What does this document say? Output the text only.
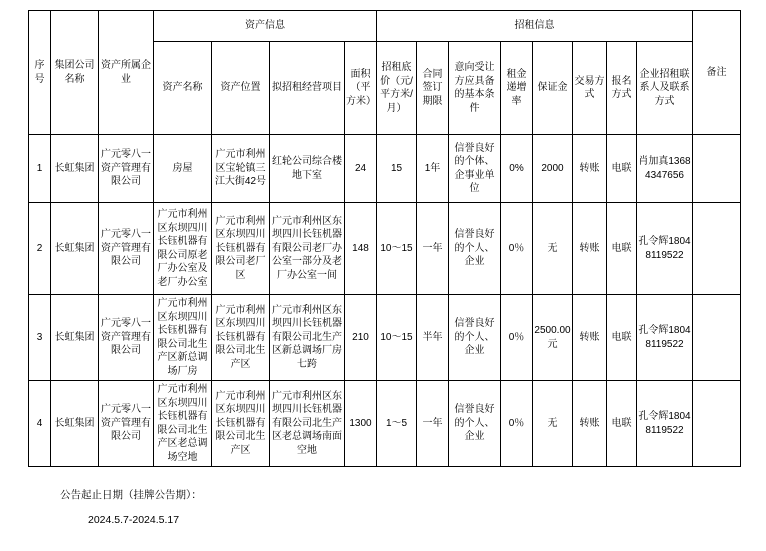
序号	集团公司名称	资产所属企业	资产信息				招租信息								备注
			资产名称	资产位置	拟招租经营项目	面积（平方米）	招租底价（元/平方米/月）	合同签订期限	意向受让方应具备的基本条件	租金递增率	保证金	交易方式	报名方式	企业招租联系人及联系方式	
1	长虹集团	广元零八一资产管理有限公司	房屋	广元市利州区宝轮镇三江大街42号	红轮公司综合楼地下室	24	15	1年	信誉良好的个体、企事业单位	0%	2000	转账	电联	肖加真13684347656	
2	长虹集团	广元零八一资产管理有限公司	广元市利州区东坝四川长钰机器有限公司原老厂办公室及老厂办公室	广元市利州区东坝四川长钰机器有限公司老厂区	广元市利州区东坝四川长钰机器有限公司老厂办公室一部分及老厂办公室一间	148	10～15	一年	信誉良好的个人、企业	0％	无	转账	电联	孔令辉18048119522	
3	长虹集团	广元零八一资产管理有限公司	广元市利州区东坝四川长钰机器有限公司北生产区新总调场厂房	广元市利州区东坝四川长钰机器有限公司北生产区	广元市利州区东坝四川长钰机器有限公司北生产区新总调场厂房七跨	210	10～15	半年	信誉良好的个人、企业	0％	2500.00元	转账	电联	孔令辉18048119522	
4	长虹集团	广元零八一资产管理有限公司	广元市利州区东坝四川长钰机器有限公司北生产区老总调场空地	广元市利州区东坝四川长钰机器有限公司北生产区	广元市利州区东坝四川长钰机器有限公司北生产区老总调场南面空地	1300	1～5	一年	信誉良好的个人、企业	0％	无	转账	电联	孔令辉18048119522	
公告起止日期（挂牌公告期）：
2024.5.7-2024.5.17
